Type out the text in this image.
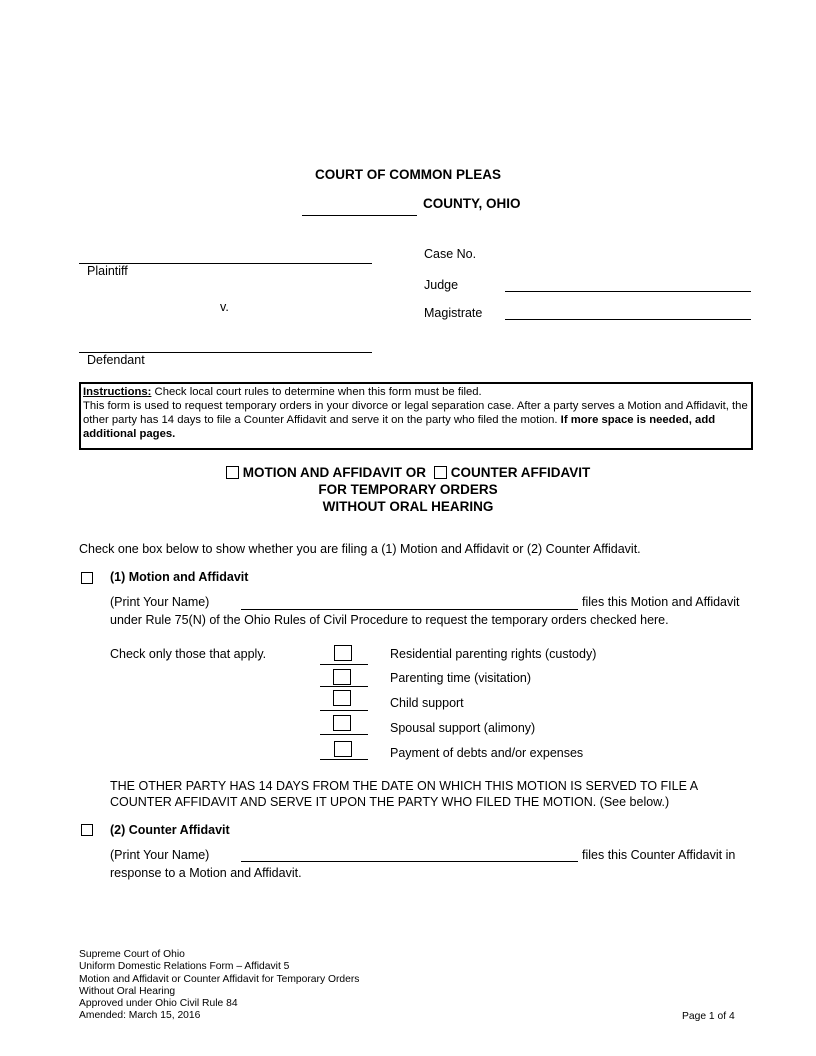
COURT OF COMMON PLEAS
COUNTY, OHIO
Plaintiff
v.
Defendant
Case No.
Judge
Magistrate
Instructions: Check local court rules to determine when this form must be filed.
This form is used to request temporary orders in your divorce or legal separation case. After a party serves a Motion and Affidavit, the other party has 14 days to file a Counter Affidavit and serve it on the party who filed the motion. If more space is needed, add additional pages.
MOTION AND AFFIDAVIT OR COUNTER AFFIDAVIT
FOR TEMPORARY ORDERS
WITHOUT ORAL HEARING
Check one box below to show whether you are filing a (1) Motion and Affidavit or (2) Counter Affidavit.
(1) Motion and Affidavit
(Print Your Name)	files this Motion and Affidavit
under Rule 75(N) of the Ohio Rules of Civil Procedure to request the temporary orders checked here.
Check only those that apply.	Residential parenting rights (custody)
Parenting time (visitation)
Child support
Spousal support (alimony)
Payment of debts and/or expenses
THE OTHER PARTY HAS 14 DAYS FROM THE DATE ON WHICH THIS MOTION IS SERVED TO FILE A
COUNTER AFFIDAVIT AND SERVE IT UPON THE PARTY WHO FILED THE MOTION. (See below.)
(2) Counter Affidavit
(Print Your Name)	files this Counter Affidavit in
response to a Motion and Affidavit.
Supreme Court of Ohio
Uniform Domestic Relations Form – Affidavit 5
Motion and Affidavit or Counter Affidavit for Temporary Orders
Without Oral Hearing
Approved under Ohio Civil Rule 84
Amended: March 15, 2016	Page 1 of 4
